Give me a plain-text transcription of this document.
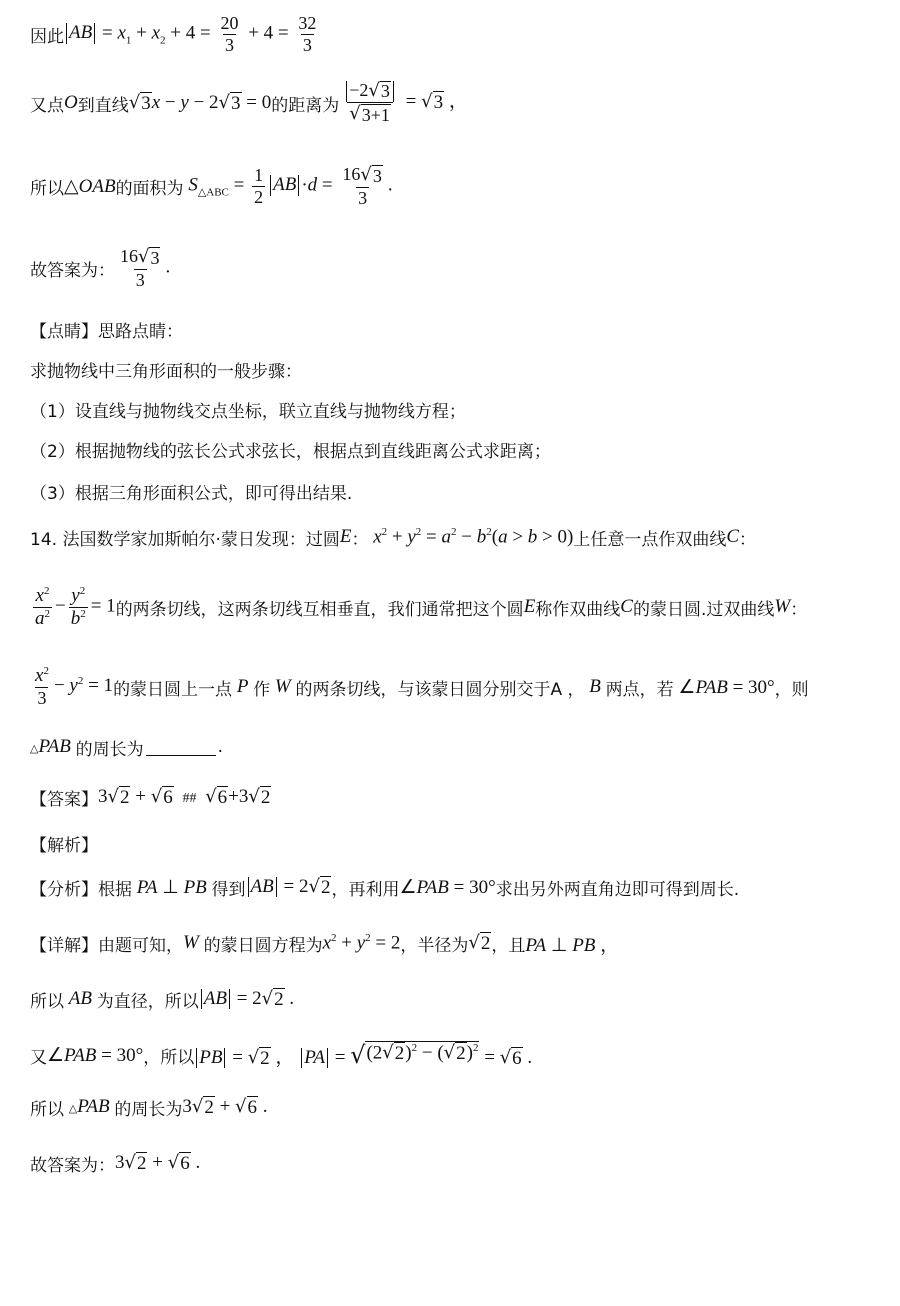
因此 AB = $x_1 + x_2 + 4 = \frac{20}{3} + 4 = \frac{32}{3}$
又点 O 到直线 √ 3 x − y − 2 √ 3 = 0 的距离为 $\frac{-2 √ 3}{√ 3+1}$ = √ 3 ，
所以 △OAB 的面积为 $S_{\triangle ABC} = \frac{1}{2}$ AB $\cdot d = \frac{16 √ 3}{3}$ .
故答案为： $\frac{16 √ 3}{3}$ .
【点睛】思路点睛：
求抛物线中三角形面积的一般步骤：
（1）设直线与抛物线交点坐标，联立直线与抛物线方程；
（2）根据抛物线的弦长公式求弦长，根据点到直线距离公式求距离；
（3）根据三角形面积公式，即可得出结果.
14. 法国数学家加斯帕尔·蒙日发现：过圆 E ： $x^2 + y^2 = a^2 - b^2(a > b > 0)$ 上任意一点作双曲线 C ：
$\frac{x^2}{a^2} - \frac{y^2}{b^2} = 1$ 的两条切线，这两条切线互相垂直，我们通常把这个圆 E 称作双曲线 C 的蒙日圆.过双曲线 W ：
$\frac{x^2}{3} - y^2 = 1$ 的蒙日圆上一点 P 作 W 的两条切线，与该蒙日圆分别交于A ， B 两点，若 ∠PAB = 30° ，则
△PAB 的周长为	.
【答案】 3 √ 2 + √ 6 ## √ 6 +3 √ 2
【解析】
【分析】根据 PA ⊥ PB 得到 AB = 2 √ 2 ，再利用 ∠PAB = 30° 求出另外两直角边即可得到周长.
【详解】由题可知， W 的蒙日圆方程为 $x^2 + y^2 = 2$ ，半径为 √ 2 ，且 PA ⊥ PB ，
所以 AB 为直径，所以 AB = 2 √ 2 .
又 ∠PAB = 30° ，所以 PB = √ 2 ， PA = √ (2 √ 2 )$^2$ − ( √ 2 )$^2$ = √ 6 .
所以 △PAB 的周长为 3 √ 2 + √ 6 .
故答案为： 3 √ 2 + √ 6 .
